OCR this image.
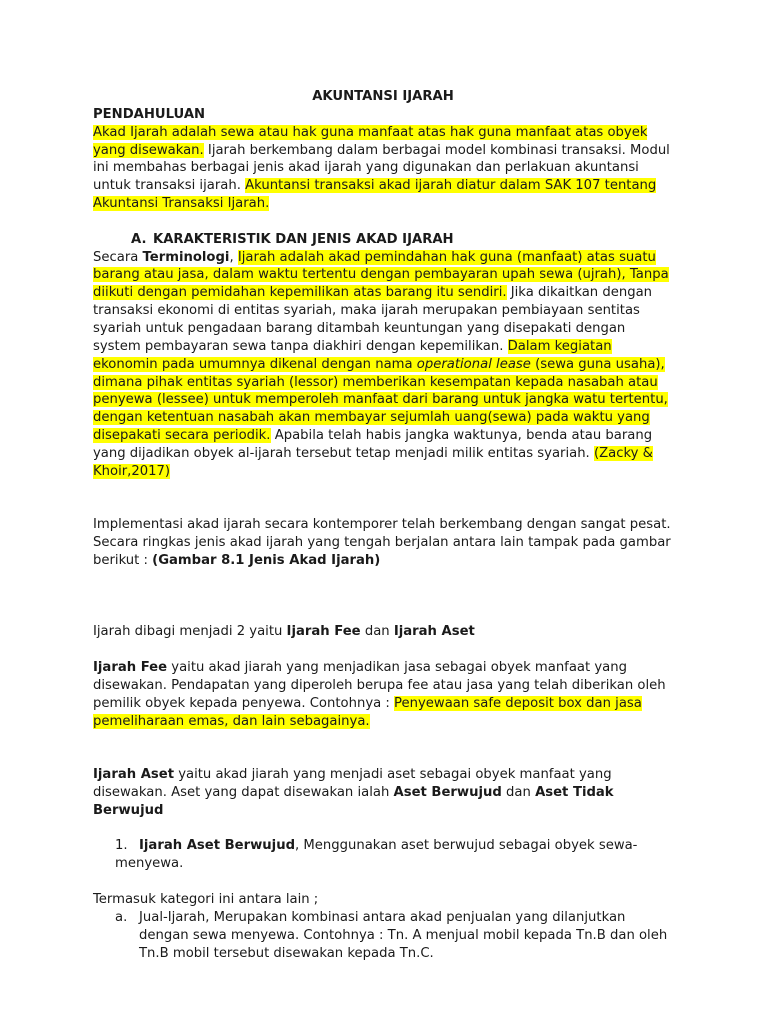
AKUNTANSI IJARAH

PENDAHULUAN

Akad Ijarah adalah sewa atau hak guna manfaat atas hak guna manfaat atas obyek yang disewakan. Ijarah berkembang dalam berbagai model kombinasi transaksi. Modul ini membahas berbagai jenis akad ijarah yang digunakan dan perlakuan akuntansi untuk transaksi ijarah. Akuntansi transaksi akad ijarah diatur dalam SAK 107 tentang Akuntansi Transaksi Ijarah.

A. KARAKTERISTIK DAN JENIS AKAD IJARAH

Secara Terminologi, Ijarah adalah akad pemindahan hak guna (manfaat) atas suatu barang atau jasa, dalam waktu tertentu dengan pembayaran upah sewa (ujrah), Tanpa diikuti dengan pemidahan kepemilikan atas barang itu sendiri. Jika dikaitkan dengan transaksi ekonomi di entitas syariah, maka ijarah merupakan pembiayaan sentitas syariah untuk pengadaan barang ditambah keuntungan yang disepakati dengan system pembayaran sewa tanpa diakhiri dengan kepemilikan. Dalam kegiatan ekonomin pada umumnya dikenal dengan nama operational lease (sewa guna usaha), dimana pihak entitas syariah (lessor) memberikan kesempatan kepada nasabah atau penyewa (lessee) untuk memperoleh manfaat dari barang untuk jangka watu tertentu, dengan ketentuan nasabah akan membayar sejumlah uang(sewa) pada waktu yang disepakati secara periodik. Apabila telah habis jangka waktunya, benda atau barang yang dijadikan obyek al-ijarah tersebut tetap menjadi milik entitas syariah. (Zacky & Khoir,2017)

Implementasi akad ijarah secara kontemporer telah berkembang dengan sangat pesat. Secara ringkas jenis akad ijarah yang tengah berjalan antara lain tampak pada gambar berikut : (Gambar 8.1 Jenis Akad Ijarah)

Ijarah dibagi menjadi 2 yaitu Ijarah Fee dan Ijarah Aset

Ijarah Fee yaitu akad jiarah yang menjadikan jasa sebagai obyek manfaat yang disewakan. Pendapatan yang diperoleh berupa fee atau jasa yang telah diberikan oleh pemilik obyek kepada penyewa. Contohnya : Penyewaan safe deposit box dan jasa pemeliharaan emas, dan lain sebagainya.

Ijarah Aset yaitu akad jiarah yang menjadi aset sebagai obyek manfaat yang disewakan. Aset yang dapat disewakan ialah Aset Berwujud dan Aset Tidak Berwujud

1. Ijarah Aset Berwujud, Menggunakan aset berwujud sebagai obyek sewa-menyewa.

Termasuk kategori ini antara lain ;

a. Jual-Ijarah, Merupakan kombinasi antara akad penjualan yang dilanjutkan dengan sewa menyewa. Contohnya : Tn. A menjual mobil kepada Tn.B dan oleh Tn.B mobil tersebut disewakan kepada Tn.C.
